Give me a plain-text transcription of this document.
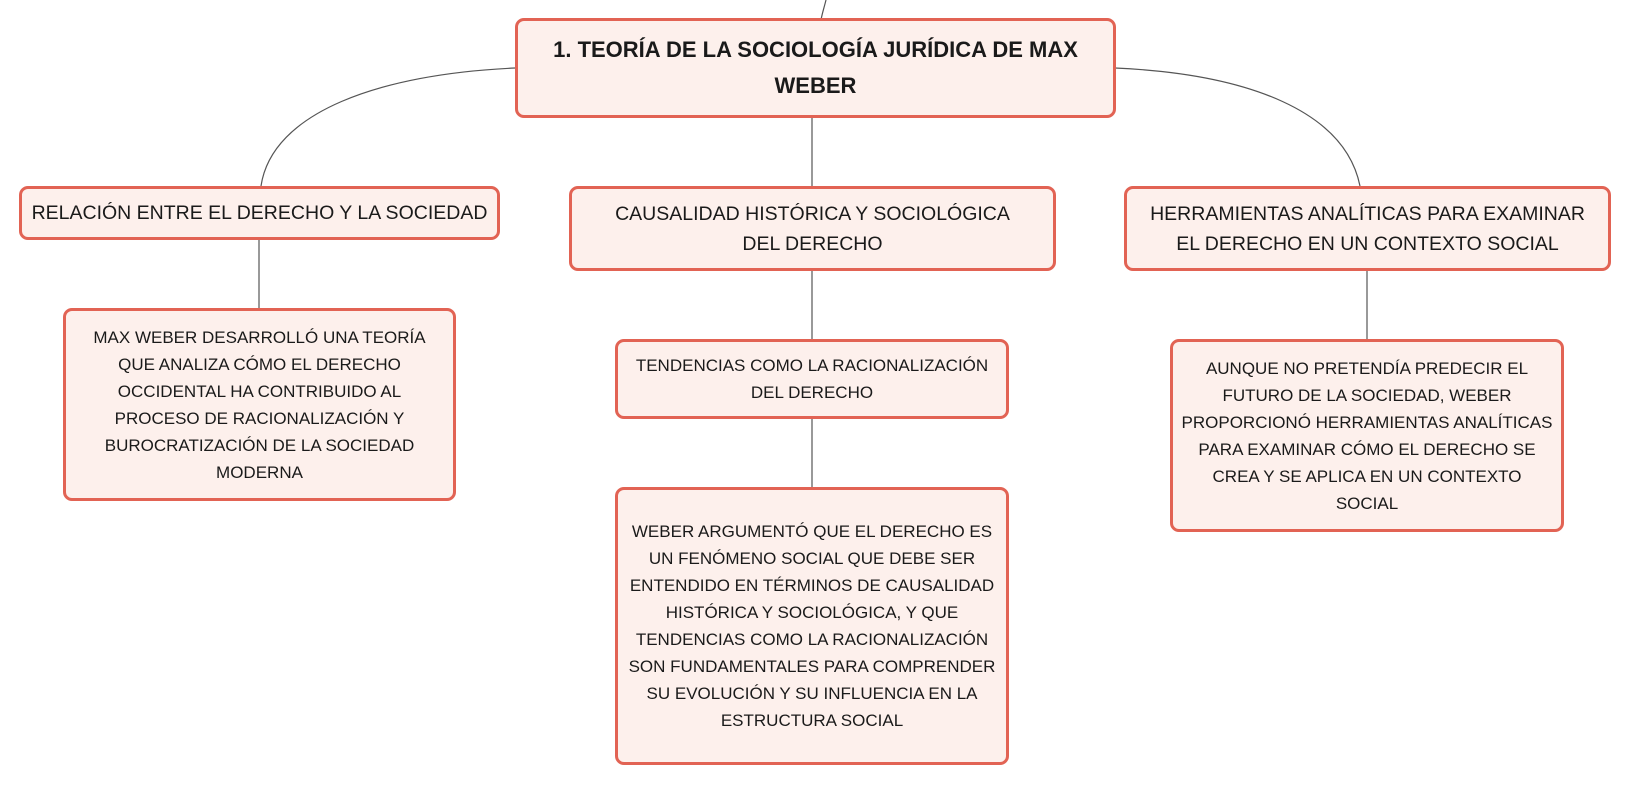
1. TEORÍA DE LA SOCIOLOGÍA JURÍDICA DE MAX WEBER
RELACIÓN ENTRE EL DERECHO Y LA SOCIEDAD
MAX WEBER DESARROLLÓ UNA TEORÍA QUE ANALIZA CÓMO EL DERECHO OCCIDENTAL HA CONTRIBUIDO AL PROCESO DE RACIONALIZACIÓN Y BUROCRATIZACIÓN DE LA SOCIEDAD MODERNA
CAUSALIDAD HISTÓRICA Y SOCIOLÓGICA DEL DERECHO
TENDENCIAS COMO LA RACIONALIZACIÓN DEL DERECHO
WEBER ARGUMENTÓ QUE EL DERECHO ES UN FENÓMENO SOCIAL QUE DEBE SER ENTENDIDO EN TÉRMINOS DE CAUSALIDAD HISTÓRICA Y SOCIOLÓGICA, Y QUE TENDENCIAS COMO LA RACIONALIZACIÓN SON FUNDAMENTALES PARA COMPRENDER SU EVOLUCIÓN Y SU INFLUENCIA EN LA ESTRUCTURA SOCIAL
HERRAMIENTAS ANALÍTICAS PARA EXAMINAR EL DERECHO EN UN CONTEXTO SOCIAL
AUNQUE NO PRETENDÍA PREDECIR EL FUTURO DE LA SOCIEDAD, WEBER PROPORCIONÓ HERRAMIENTAS ANALÍTICAS PARA EXAMINAR CÓMO EL DERECHO SE CREA Y SE APLICA EN UN CONTEXTO SOCIAL
